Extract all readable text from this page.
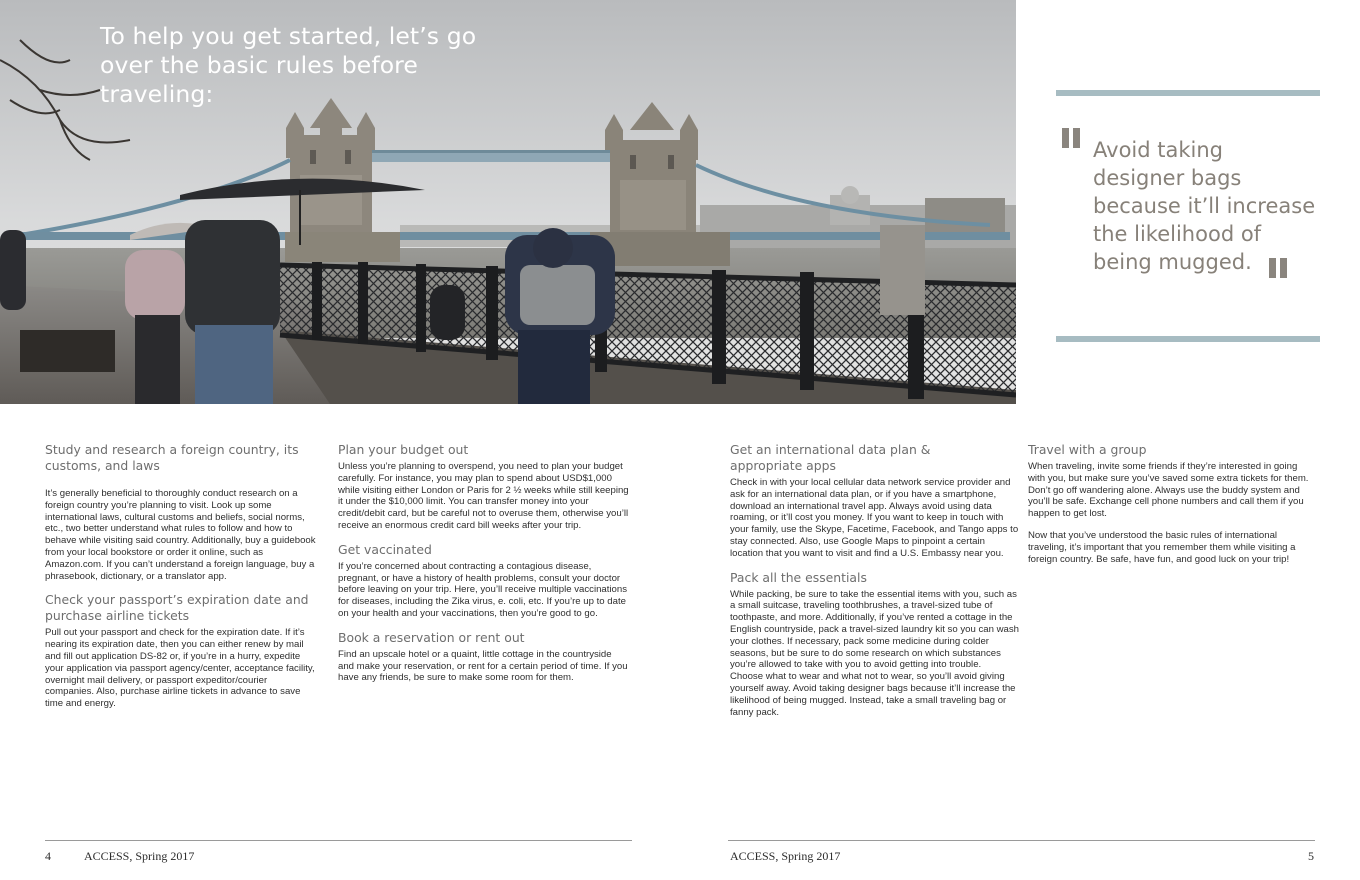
To help you get started, let’s go over the basic rules before traveling:

Avoid taking designer bags because it’ll increase the likelihood of being mugged.

Study and research a foreign country, its customs, and laws

It’s generally beneficial to thoroughly conduct research on a foreign country you’re planning to visit. Look up some international laws, cultural customs and beliefs, social norms, etc., two better understand what rules to follow and how to behave while visiting said country. Additionally, buy a guidebook from your local bookstore or order it online, such as Amazon.com. If you can’t understand a foreign language, buy a phrasebook, dictionary, or a translator app.

Check your passport’s expiration date and purchase airline tickets

Pull out your passport and check for the expiration date. If it’s nearing its expiration date, then you can either renew by mail and fill out application DS-82 or, if you’re in a hurry, expedite your application via passport agency/center, acceptance facility, overnight mail delivery, or passport expeditor/courier companies. Also, purchase airline tickets in advance to save time and energy.

Plan your budget out

Unless you’re planning to overspend, you need to plan your budget carefully. For instance, you may plan to spend about USD$1,000 while visiting either London or Paris for 2 ½ weeks while still keeping it under the $10,000 limit. You can transfer money into your credit/debit card, but be careful not to overuse them, otherwise you’ll receive an enormous credit card bill weeks after your trip.

Get vaccinated

If you’re concerned about contracting a contagious disease, pregnant, or have a history of health problems, consult your doctor before leaving on your trip. Here, you’ll receive multiple vaccinations for diseases, including the Zika virus, e. coli, etc. If you’re up to date on your health and your vaccinations, then you’re good to go.

Book a reservation or rent out

Find an upscale hotel or a quaint, little cottage in the countryside and make your reservation, or rent for a certain period of time. If you have any friends, be sure to make some room for them.

Get an international data plan & appropriate apps

Check in with your local cellular data network service provider and ask for an international data plan, or if you have a smartphone, download an international travel app. Always avoid using data roaming, or it’ll cost you money. If you want to keep in touch with your family, use the Skype, Facetime, Facebook, and Tango apps to stay connected. Also, use Google Maps to pinpoint a certain location that you want to visit and find a U.S. Embassy near you.

Pack all the essentials

While packing, be sure to take the essential items with you, such as a small suitcase, traveling toothbrushes, a travel-sized tube of toothpaste, and more. Additionally, if you’ve rented a cottage in the English countryside, pack a travel-sized laundry kit so you can wash your clothes. If necessary, pack some medicine during colder seasons, but be sure to do some research on which substances you’re allowed to take with you to avoid getting into trouble.

Choose what to wear and what not to wear, so you’ll avoid giving yourself away. Avoid taking designer bags because it’ll increase the likelihood of being mugged. Instead, take a small traveling bag or fanny pack.

Travel with a group

When traveling, invite some friends if they’re interested in going with you, but make sure you’ve saved some extra tickets for them. Don’t go off wandering alone. Always use the buddy system and you’ll be safe. Exchange cell phone numbers and call them if you happen to get lost.

Now that you’ve understood the basic rules of international traveling, it’s important that you remember them while visiting a foreign country. Be safe, have fun, and good luck on your trip!

4	ACCESS, Spring 2017	ACCESS, Spring 2017	5
